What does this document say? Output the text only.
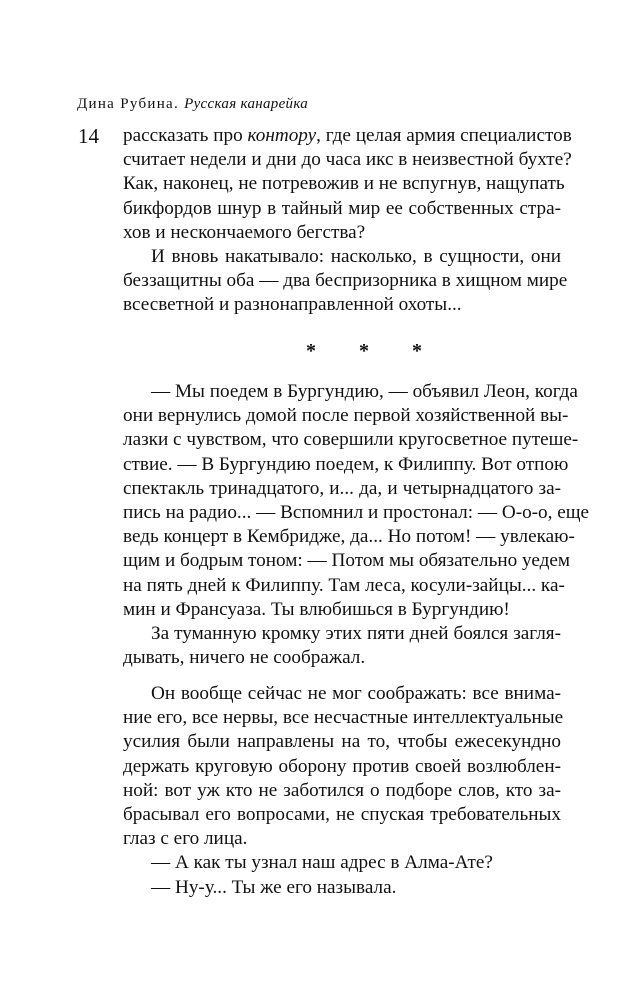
Дина Рубина. Русская канарейка
14 рассказать про контору, где целая армия специалистов
считает недели и дни до часа икс в неизвестной бухте?
Как, наконец, не потревожив и не вспугнув, нащупать
бикфордов шнур в тайный мир ее собственных стра-
хов и нескончаемого бегства?
И вновь накатывало: насколько, в сущности, они
беззащитны оба — два беспризорника в хищном мире
всесветной и разнонаправленной охоты...
* * *
— Мы поедем в Бургундию, — объявил Леон, когда
они вернулись домой после первой хозяйственной вы-
лазки с чувством, что совершили кругосветное путеше-
ствие. — В Бургундию поедем, к Филиппу. Вот отпою
спектакль тринадцатого, и... да, и четырнадцатого за-
пись на радио... — Вспомнил и простонал: — О-о-о, еще
ведь концерт в Кембридже, да... Но потом! — увлекаю-
щим и бодрым тоном: — Потом мы обязательно уедем
на пять дней к Филиппу. Там леса, косули-зайцы... ка-
мин и Франсуаза. Ты влюбишься в Бургундию!
За туманную кромку этих пяти дней боялся загля-
дывать, ничего не соображал.
Он вообще сейчас не мог соображать: все внима-
ние его, все нервы, все несчастные интеллектуальные
усилия были направлены на то, чтобы ежесекундно
держать круговую оборону против своей возлюблен-
ной: вот уж кто не заботился о подборе слов, кто за-
брасывал его вопросами, не спуская требовательных
глаз с его лица.
— А как ты узнал наш адрес в Алма-Ате?
— Ну-у... Ты же его называла.
